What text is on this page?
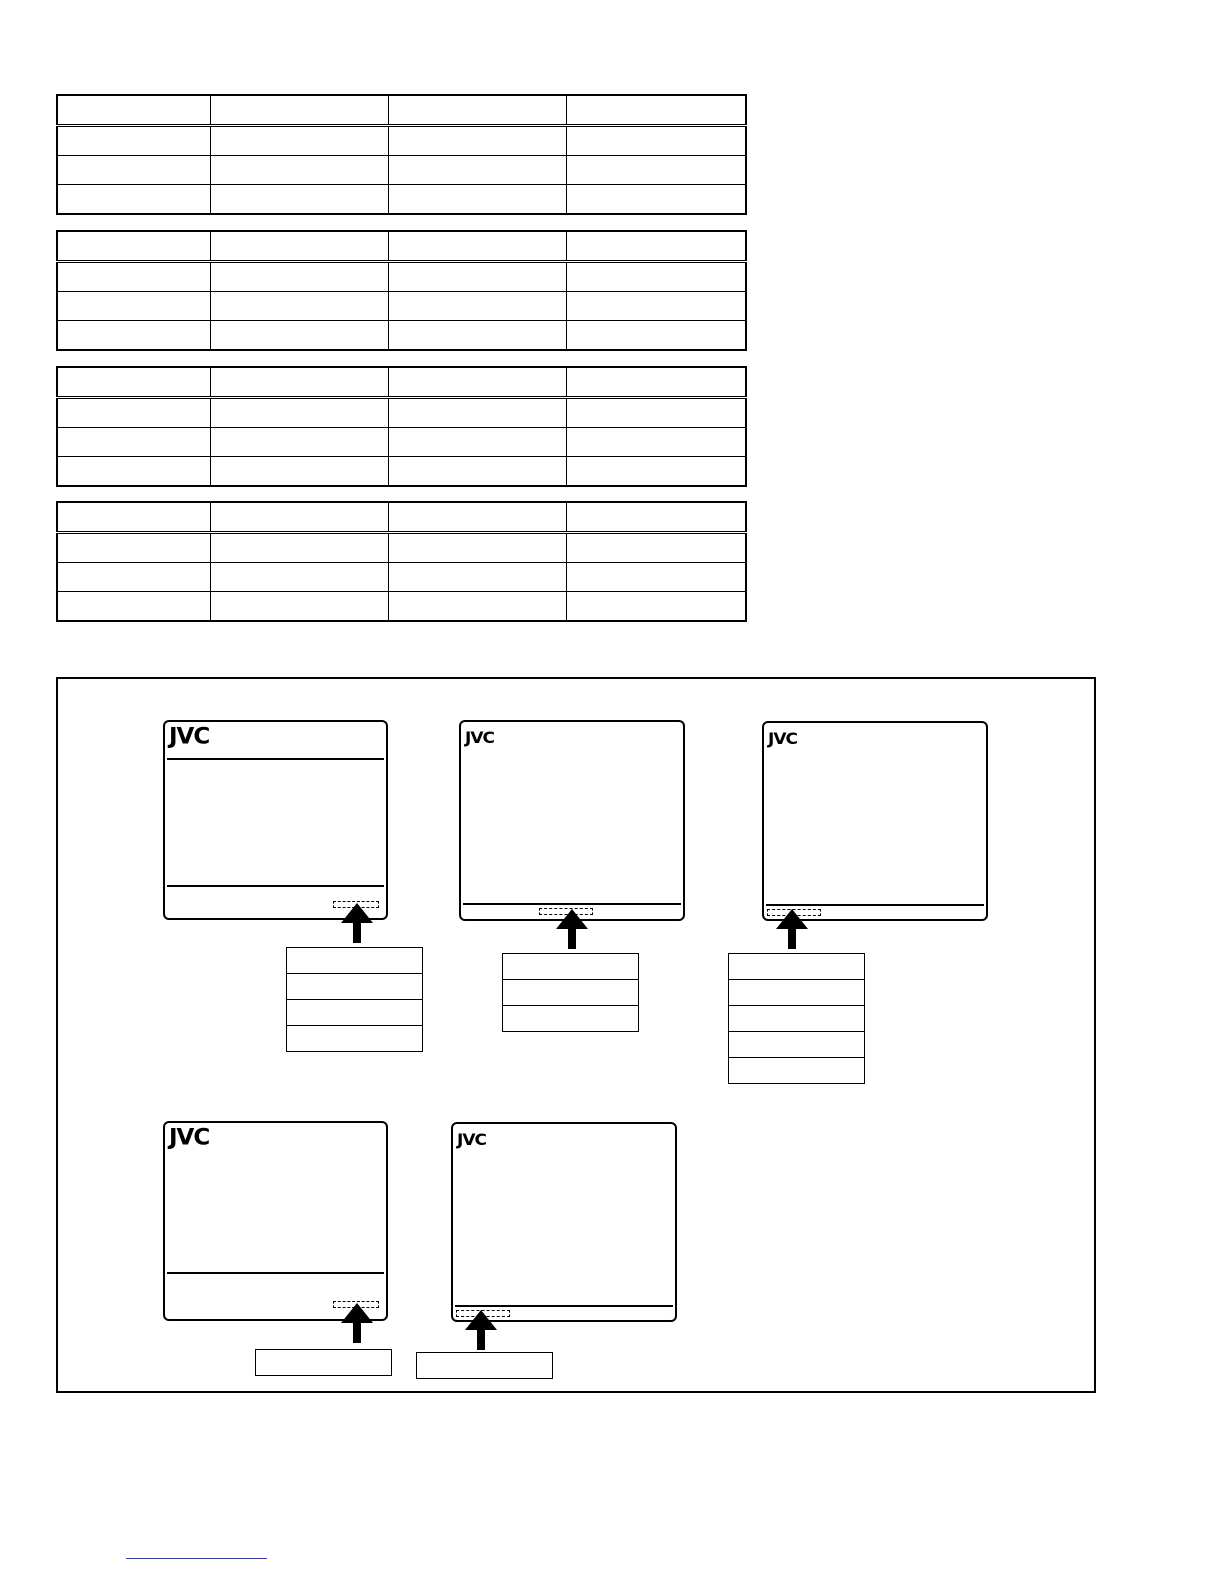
JVC	JVC	JVC
JVC	JVC
